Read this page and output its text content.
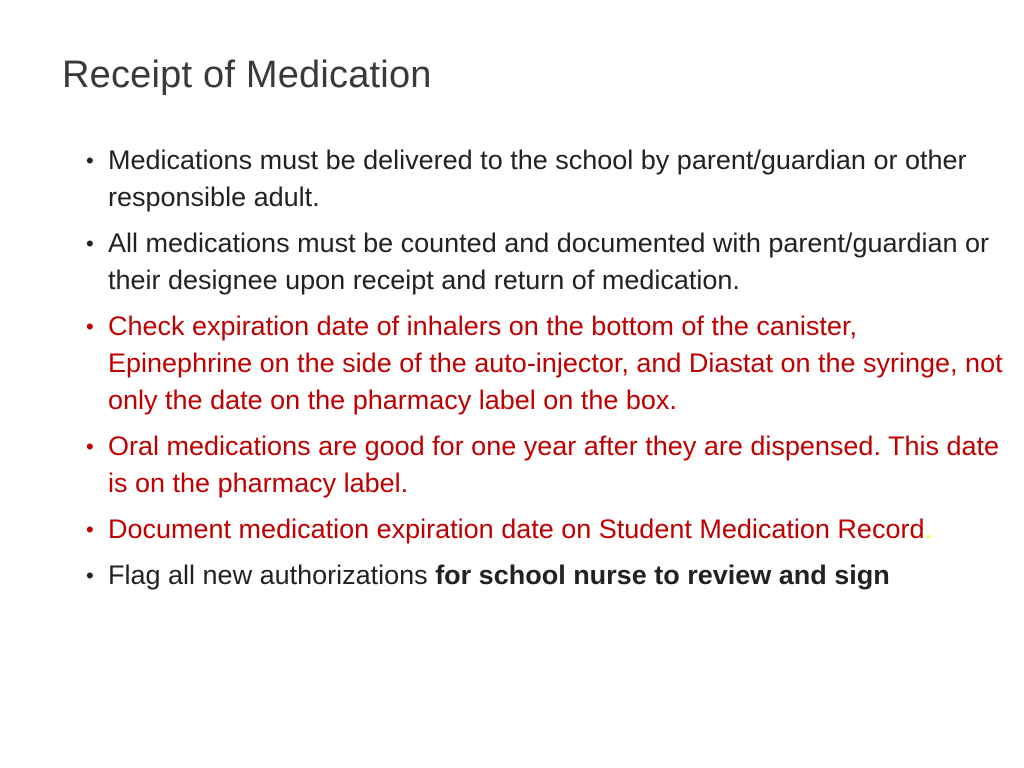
Receipt of Medication
• Medications must be delivered to the school by parent/guardian or other responsible adult.
• All medications must be counted and documented with parent/guardian or their designee upon receipt and return of medication.
• Check expiration date of inhalers on the bottom of the canister, Epinephrine on the side of the auto-injector, and Diastat on the syringe, not only the date on the pharmacy label on the box.
• Oral medications are good for one year after they are dispensed. This date is on the pharmacy label.
• Document medication expiration date on Student Medication Record.
• Flag all new authorizations for school nurse to review and sign
